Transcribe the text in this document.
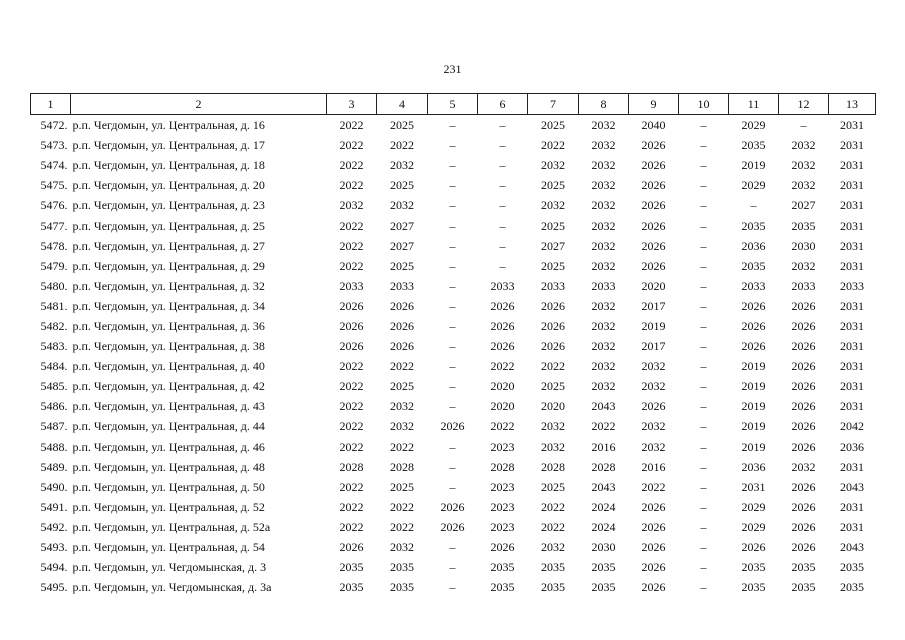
231
1	2	3	4	5	6	7	8	9	10	11	12	13
5472.	р.п. Чегдомын, ул. Центральная, д. 16	2022	2025	–	–	2025	2032	2040	–	2029	–	2031
5473.	р.п. Чегдомын, ул. Центральная, д. 17	2022	2022	–	–	2022	2032	2026	–	2035	2032	2031
5474.	р.п. Чегдомын, ул. Центральная, д. 18	2022	2032	–	–	2032	2032	2026	–	2019	2032	2031
5475.	р.п. Чегдомын, ул. Центральная, д. 20	2022	2025	–	–	2025	2032	2026	–	2029	2032	2031
5476.	р.п. Чегдомын, ул. Центральная, д. 23	2032	2032	–	–	2032	2032	2026	–	–	2027	2031
5477.	р.п. Чегдомын, ул. Центральная, д. 25	2022	2027	–	–	2025	2032	2026	–	2035	2035	2031
5478.	р.п. Чегдомын, ул. Центральная, д. 27	2022	2027	–	–	2027	2032	2026	–	2036	2030	2031
5479.	р.п. Чегдомын, ул. Центральная, д. 29	2022	2025	–	–	2025	2032	2026	–	2035	2032	2031
5480.	р.п. Чегдомын, ул. Центральная, д. 32	2033	2033	–	2033	2033	2033	2020	–	2033	2033	2033
5481.	р.п. Чегдомын, ул. Центральная, д. 34	2026	2026	–	2026	2026	2032	2017	–	2026	2026	2031
5482.	р.п. Чегдомын, ул. Центральная, д. 36	2026	2026	–	2026	2026	2032	2019	–	2026	2026	2031
5483.	р.п. Чегдомын, ул. Центральная, д. 38	2026	2026	–	2026	2026	2032	2017	–	2026	2026	2031
5484.	р.п. Чегдомын, ул. Центральная, д. 40	2022	2022	–	2022	2022	2032	2032	–	2019	2026	2031
5485.	р.п. Чегдомын, ул. Центральная, д. 42	2022	2025	–	2020	2025	2032	2032	–	2019	2026	2031
5486.	р.п. Чегдомын, ул. Центральная, д. 43	2022	2032	–	2020	2020	2043	2026	–	2019	2026	2031
5487.	р.п. Чегдомын, ул. Центральная, д. 44	2022	2032	2026	2022	2032	2022	2032	–	2019	2026	2042
5488.	р.п. Чегдомын, ул. Центральная, д. 46	2022	2022	–	2023	2032	2016	2032	–	2019	2026	2036
5489.	р.п. Чегдомын, ул. Центральная, д. 48	2028	2028	–	2028	2028	2028	2016	–	2036	2032	2031
5490.	р.п. Чегдомын, ул. Центральная, д. 50	2022	2025	–	2023	2025	2043	2022	–	2031	2026	2043
5491.	р.п. Чегдомын, ул. Центральная, д. 52	2022	2022	2026	2023	2022	2024	2026	–	2029	2026	2031
5492.	р.п. Чегдомын, ул. Центральная, д. 52а	2022	2022	2026	2023	2022	2024	2026	–	2029	2026	2031
5493.	р.п. Чегдомын, ул. Центральная, д. 54	2026	2032	–	2026	2032	2030	2026	–	2026	2026	2043
5494.	р.п. Чегдомын, ул. Чегдомынская, д. 3	2035	2035	–	2035	2035	2035	2026	–	2035	2035	2035
5495.	р.п. Чегдомын, ул. Чегдомынская, д. 3а	2035	2035	–	2035	2035	2035	2026	–	2035	2035	2035
